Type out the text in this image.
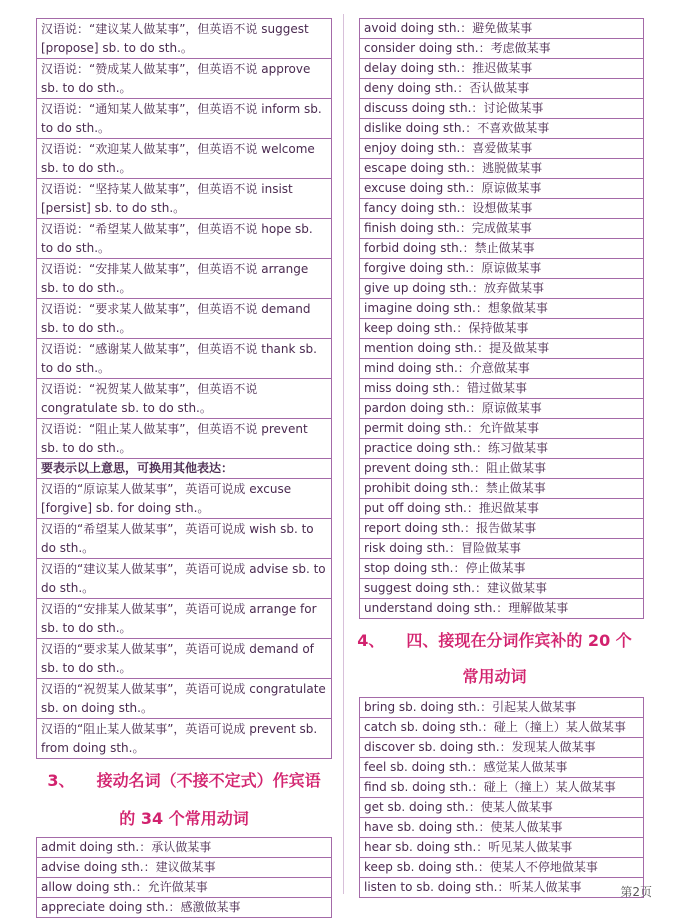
汉语说：“建议某人做某事”，但英语不说 suggest [propose] sb. to do sth.。
汉语说：“赞成某人做某事”，但英语不说 approve sb. to do sth.。
汉语说：“通知某人做某事”，但英语不说 inform sb. to do sth.。
汉语说：“欢迎某人做某事”，但英语不说 welcome sb. to do sth.。
汉语说：“坚持某人做某事”，但英语不说 insist [persist] sb. to do sth.。
汉语说：“希望某人做某事”，但英语不说 hope sb. to do sth.。
汉语说：“安排某人做某事”，但英语不说 arrange sb. to do sth.。
汉语说：“要求某人做某事”，但英语不说 demand sb. to do sth.。
汉语说：“感谢某人做某事”，但英语不说 thank sb. to do sth.。
汉语说：“祝贺某人做某事”，但英语不说 congratulate sb. to do sth.。
汉语说：“阻止某人做某事”，但英语不说 prevent sb. to do sth.。
要表示以上意思，可换用其他表达：
汉语的“原谅某人做某事”，英语可说成 excuse [forgive] sb. for doing sth.。
汉语的“希望某人做某事”，英语可说成 wish sb. to do sth.。
汉语的“建议某人做某事”，英语可说成 advise sb. to do sth.。
汉语的“安排某人做某事”，英语可说成 arrange for sb. to do sth.。
汉语的“要求某人做某事”，英语可说成 demand of sb. to do sth.。
汉语的“祝贺某人做某事”，英语可说成 congratulate sb. on doing sth.。
汉语的“阻止某人做某事”，英语可说成 prevent sb. from doing sth.。
3、 接动名词（不接不定式）作宾语
的 34 个常用动词
admit doing sth.：承认做某事
advise doing sth.：建议做某事
allow doing sth.：允许做某事
appreciate doing sth.：感激做某事
avoid doing sth.：避免做某事
consider doing sth.：考虑做某事
delay doing sth.：推迟做某事
deny doing sth.：否认做某事
discuss doing sth.：讨论做某事
dislike doing sth.：不喜欢做某事
enjoy doing sth.：喜爱做某事
escape doing sth.：逃脱做某事
excuse doing sth.：原谅做某事
fancy doing sth.：设想做某事
finish doing sth.：完成做某事
forbid doing sth.：禁止做某事
forgive doing sth.：原谅做某事
give up doing sth.：放弃做某事
imagine doing sth.：想象做某事
keep doing sth.：保持做某事
mention doing sth.：提及做某事
mind doing sth.：介意做某事
miss doing sth.：错过做某事
pardon doing sth.：原谅做某事
permit doing sth.：允许做某事
practice doing sth.：练习做某事
prevent doing sth.：阻止做某事
prohibit doing sth.：禁止做某事
put off doing sth.：推迟做某事
report doing sth.：报告做某事
risk doing sth.：冒险做某事
stop doing sth.：停止做某事
suggest doing sth.：建议做某事
understand doing sth.：理解做某事
4、 四、接现在分词作宾补的 20 个
常用动词
bring sb. doing sth.：引起某人做某事
catch sb. doing sth.：碰上（撞上）某人做某事
discover sb. doing sth.：发现某人做某事
feel sb. doing sth.：感觉某人做某事
find sb. doing sth.：碰上（撞上）某人做某事
get sb. doing sth.：使某人做某事
have sb. doing sth.：使某人做某事
hear sb. doing sth.：听见某人做某事
keep sb. doing sth.：使某人不停地做某事
listen to sb. doing sth.：听某人做某事	第2页
